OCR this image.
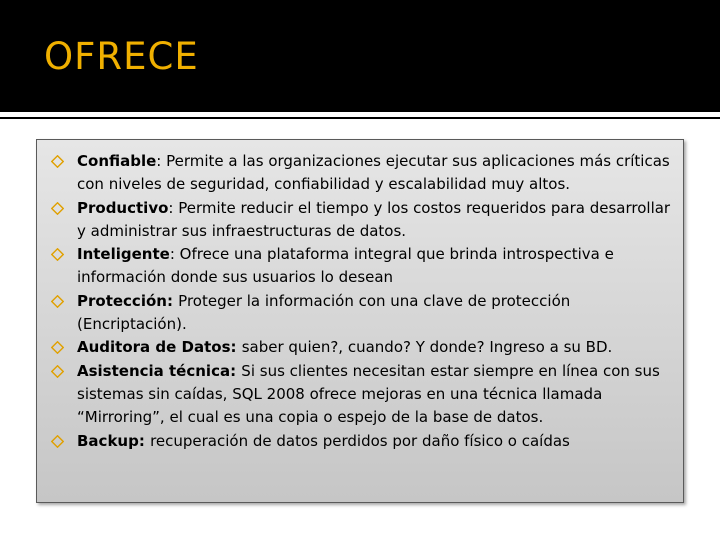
OFRECE
Confiable: Permite a las organizaciones ejecutar sus aplicaciones más críticas con niveles de seguridad, confiabilidad y escalabilidad muy altos.
Productivo: Permite reducir el tiempo y los costos requeridos para desarrollar y administrar sus infraestructuras de datos.
Inteligente: Ofrece una plataforma integral que brinda introspectiva e información donde sus usuarios lo desean
Protección: Proteger la información con una clave de protección (Encriptación).
Auditora de Datos: saber quien?, cuando? Y donde? Ingreso a su BD.
Asistencia técnica: Si sus clientes necesitan estar siempre en línea con sus sistemas sin caídas, SQL 2008 ofrece mejoras en una técnica llamada “Mirroring”, el cual es una copia o espejo de la base de datos.
Backup: recuperación de datos perdidos por daño físico o caídas
